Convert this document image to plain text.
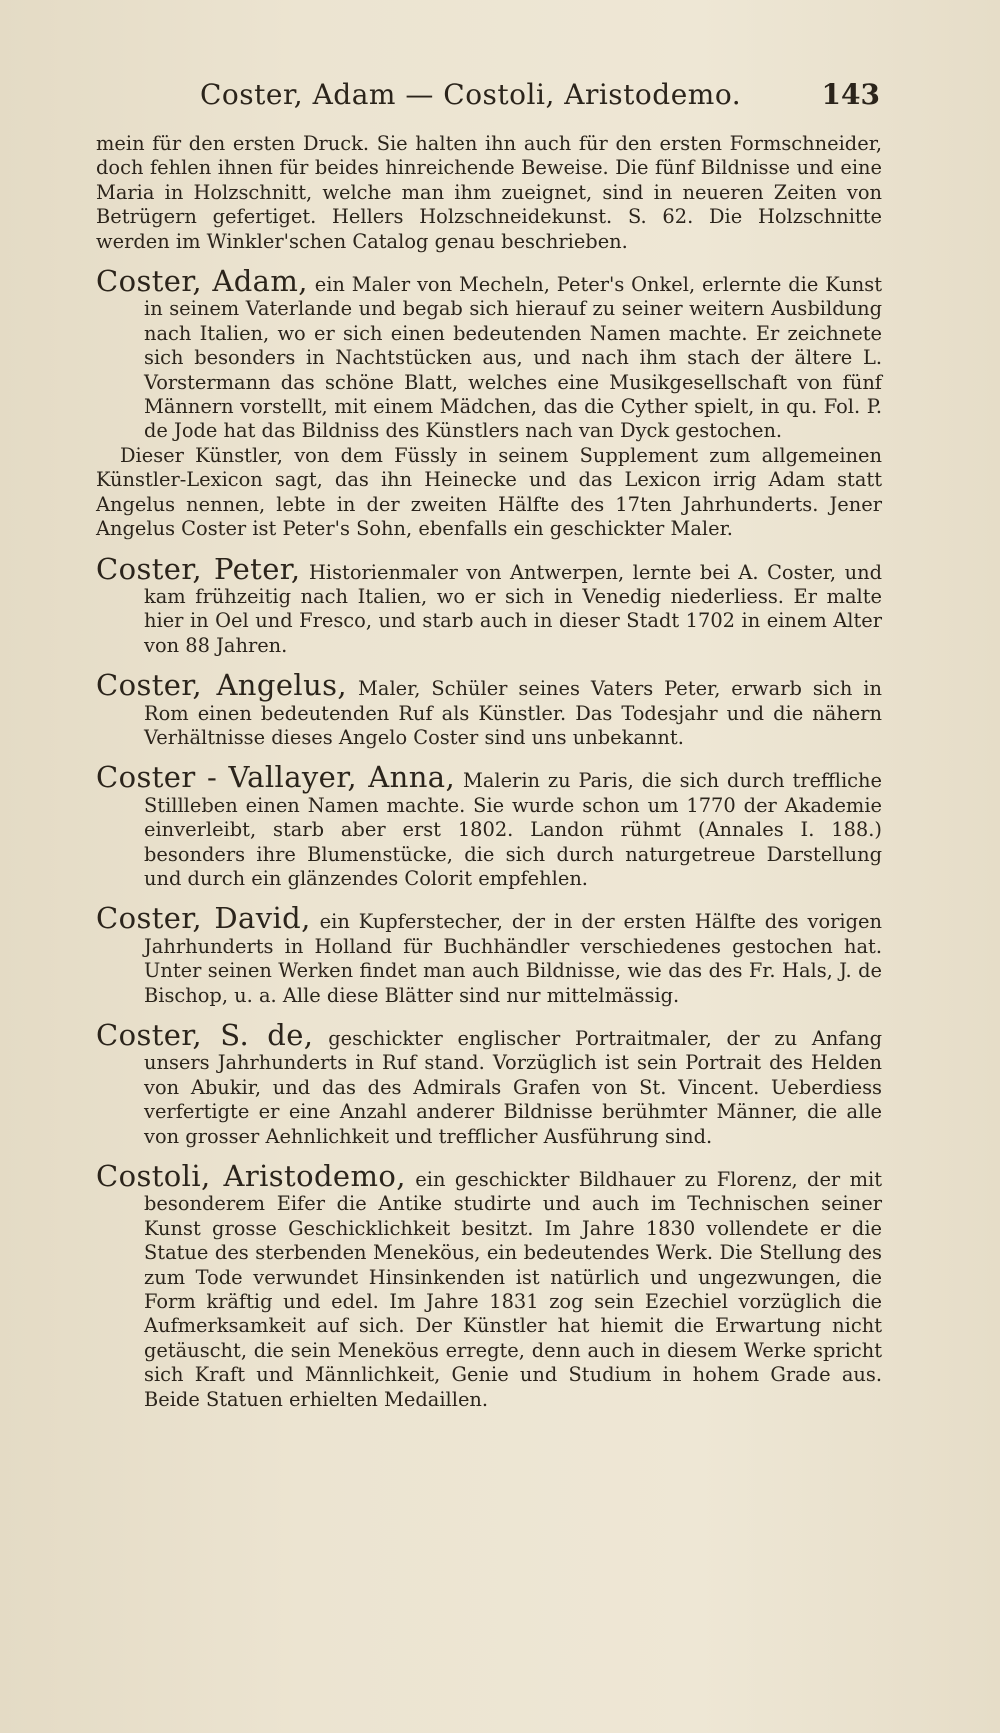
Coster, Adam — Costoli, Aristodemo.	143

mein für den ersten Druck. Sie halten ihn auch für den ersten Formschneider, doch fehlen ihnen für beides hinreichende Beweise. Die fünf Bildnisse und eine Maria in Holzschnitt, welche man ihm zueignet, sind in neueren Zeiten von Betrügern gefertiget. Hellers Holzschneidekunst. S. 62. Die Holzschnitte werden im Winkler'schen Catalog genau beschrieben.

Coster, Adam, ein Maler von Mecheln, Peter's Onkel, erlernte die Kunst in seinem Vaterlande und begab sich hierauf zu seiner weitern Ausbildung nach Italien, wo er sich einen bedeutenden Namen machte. Er zeichnete sich besonders in Nachtstücken aus, und nach ihm stach der ältere L. Vorstermann das schöne Blatt, welches eine Musikgesellschaft von fünf Männern vorstellt, mit einem Mädchen, das die Cyther spielt, in qu. Fol. P. de Jode hat das Bildniss des Künstlers nach van Dyck gestochen.

Dieser Künstler, von dem Füssly in seinem Supplement zum allgemeinen Künstler-Lexicon sagt, das ihn Heinecke und das Lexicon irrig Adam statt Angelus nennen, lebte in der zweiten Hälfte des 17ten Jahrhunderts. Jener Angelus Coster ist Peter's Sohn, ebenfalls ein geschickter Maler.

Coster, Peter, Historienmaler von Antwerpen, lernte bei A. Coster, und kam frühzeitig nach Italien, wo er sich in Venedig niederliess. Er malte hier in Oel und Fresco, und starb auch in dieser Stadt 1702 in einem Alter von 88 Jahren.

Coster, Angelus, Maler, Schüler seines Vaters Peter, erwarb sich in Rom einen bedeutenden Ruf als Künstler. Das Todesjahr und die nähern Verhältnisse dieses Angelo Coster sind uns unbekannt.

Coster - Vallayer, Anna, Malerin zu Paris, die sich durch treffliche Stillleben einen Namen machte. Sie wurde schon um 1770 der Akademie einverleibt, starb aber erst 1802. Landon rühmt (Annales I. 188.) besonders ihre Blumenstücke, die sich durch naturgetreue Darstellung und durch ein glänzendes Colorit empfehlen.

Coster, David, ein Kupferstecher, der in der ersten Hälfte des vorigen Jahrhunderts in Holland für Buchhändler verschiedenes gestochen hat. Unter seinen Werken findet man auch Bildnisse, wie das des Fr. Hals, J. de Bischop, u. a. Alle diese Blätter sind nur mittelmässig.

Coster, S. de, geschickter englischer Portraitmaler, der zu Anfang unsers Jahrhunderts in Ruf stand. Vorzüglich ist sein Portrait des Helden von Abukir, und das des Admirals Grafen von St. Vincent. Ueberdiess verfertigte er eine Anzahl anderer Bildnisse berühmter Männer, die alle von grosser Aehnlichkeit und trefflicher Ausführung sind.

Costoli, Aristodemo, ein geschickter Bildhauer zu Florenz, der mit besonderem Eifer die Antike studirte und auch im Technischen seiner Kunst grosse Geschicklichkeit besitzt. Im Jahre 1830 vollendete er die Statue des sterbenden Meneköus, ein bedeutendes Werk. Die Stellung des zum Tode verwundet Hinsinkenden ist natürlich und ungezwungen, die Form kräftig und edel. Im Jahre 1831 zog sein Ezechiel vorzüglich die Aufmerksamkeit auf sich. Der Künstler hat hiemit die Erwartung nicht getäuscht, die sein Meneköus erregte, denn auch in diesem Werke spricht sich Kraft und Männlichkeit, Genie und Studium in hohem Grade aus. Beide Statuen erhielten Medaillen.
